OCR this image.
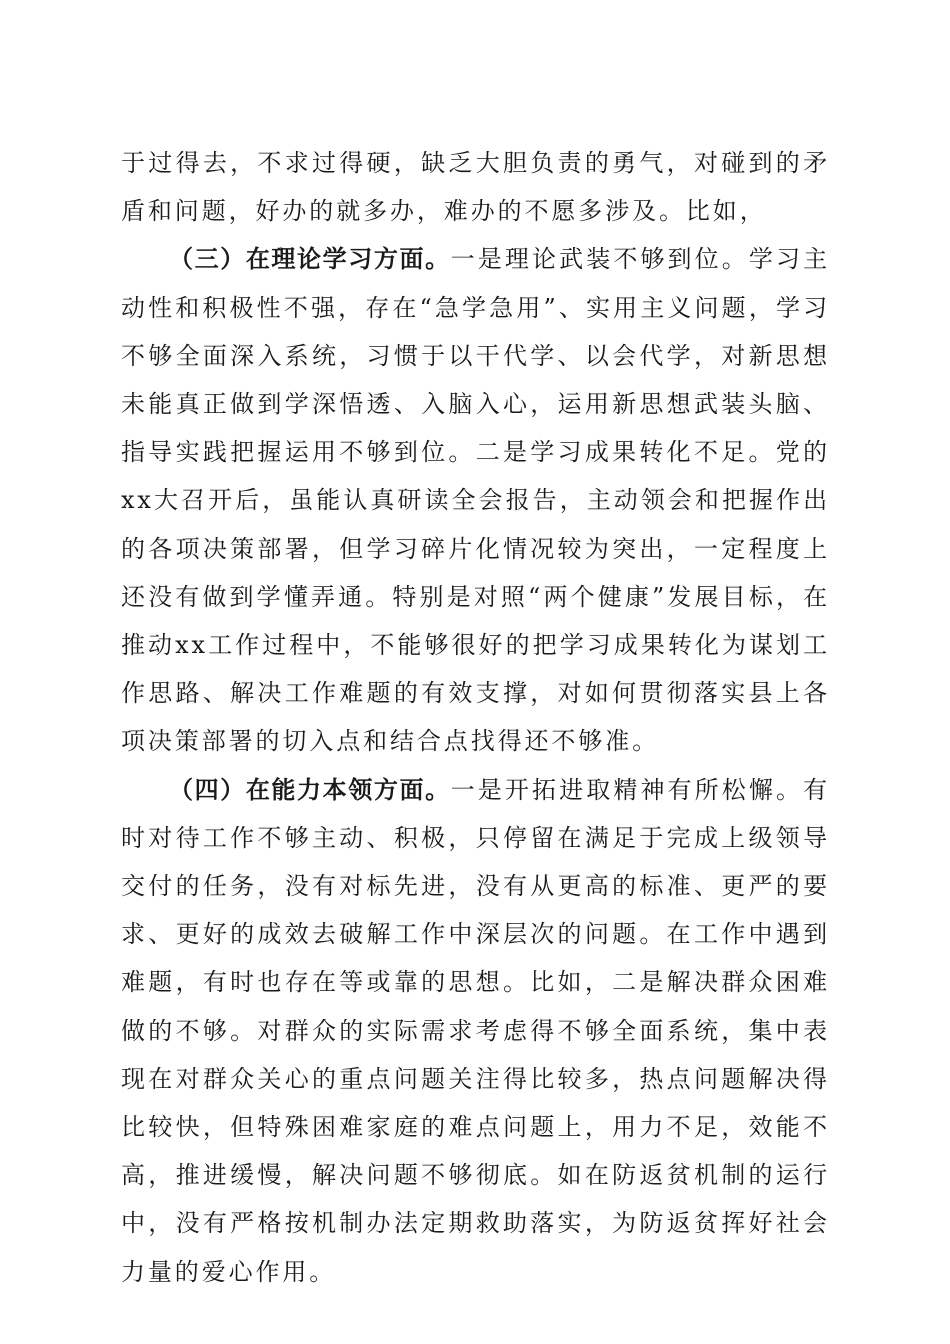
于过得去，不求过得硬，缺乏大胆负责的勇气，对碰到的矛盾和问题，好办的就多办，难办的不愿多涉及。比如，

（三）在理论学习方面。一是理论武装不够到位。学习主动性和积极性不强，存在“急学急用”、实用主义问题，学习不够全面深入系统，习惯于以干代学、以会代学，对新思想未能真正做到学深悟透、入脑入心，运用新思想武装头脑、指导实践把握运用不够到位。二是学习成果转化不足。党的xx大召开后，虽能认真研读全会报告，主动领会和把握作出的各项决策部署，但学习碎片化情况较为突出，一定程度上还没有做到学懂弄通。特别是对照“两个健康”发展目标，在推动xx工作过程中，不能够很好的把学习成果转化为谋划工作思路、解决工作难题的有效支撑，对如何贯彻落实县上各项决策部署的切入点和结合点找得还不够准。

（四）在能力本领方面。一是开拓进取精神有所松懈。有时对待工作不够主动、积极，只停留在满足于完成上级领导交付的任务，没有对标先进，没有从更高的标准、更严的要求、更好的成效去破解工作中深层次的问题。在工作中遇到难题，有时也存在等或靠的思想。比如，二是解决群众困难做的不够。对群众的实际需求考虑得不够全面系统，集中表现在对群众关心的重点问题关注得比较多，热点问题解决得比较快，但特殊困难家庭的难点问题上，用力不足，效能不高，推进缓慢，解决问题不够彻底。如在防返贫机制的运行中，没有严格按机制办法定期救助落实，为防返贫挥好社会力量的爱心作用。
